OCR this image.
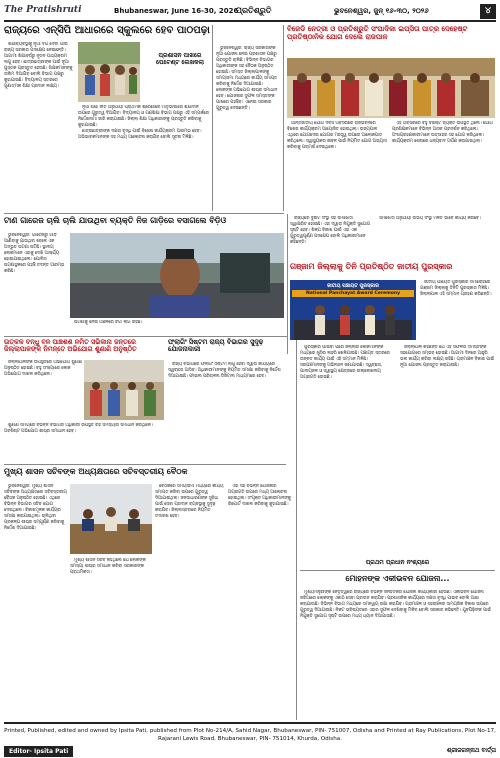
The Pratishruti	Bhubaneswar, June 16-30, 2026
ପ୍ରତିଶ୍ରୁତି	ଭୁବନେଶ୍ୱର, ଜୁନ୍ ୧୬-୩୦, ୨୦୨୬	୪
ରାଜ୍ୟରେ ଏନ୍‌ସିପି ଆଧାରରେ ସ୍କୁଲରେ ହେବ ପାଠପଢ଼ା

ଶିକ୍ଷାବ୍ୟବସ୍ଥାକୁ ନୂଆ ଦିଗ ଦେବା ପାଇଁ ରାଜ୍ୟ ସରକାର ପଦକ୍ଷେପ ନେଇଛନ୍ତି। ଆଗାମୀ ଶିକ୍ଷାବର୍ଷରୁ ନୂତନ ପାଠ୍ୟକ୍ରମ ଲାଗୁ ହେବ। ଛାତ୍ରଛାତ୍ରୀଙ୍କ ପାଇଁ ନୂଆ ପୁସ୍ତକ ପ୍ରସ୍ତୁତ ହେଉଛି। ଶିକ୍ଷକମାନଙ୍କୁ ତାଲିମ ଦିଆଯିବ ବୋଲି ବିଭାଗ ପକ୍ଷରୁ କୁହାଯାଇଛି। ବିଦ୍ୟାଳୟ ସ୍ତରରେ ଗୁଣାତ୍ମକ ଶିକ୍ଷା ପ୍ରଦାନ ଲକ୍ଷ୍ୟ।

ନୂଆ ଶିକ୍ଷା ନୀତି ଅନୁଯାୟୀ ପ୍ରାଥମିକ ଶ୍ରେଣୀରେ ମାତୃଭାଷାରେ ଶିକ୍ଷାଦାନ ଉପରେ ଗୁରୁତ୍ୱ ଦିଆଯିବ। ବିଦ୍ୟାଳୟ ଓ ଗଣଶିକ୍ଷା ବିଭାଗ ପକ୍ଷରୁ ଏହି ସମ୍ପର୍କରେ ନିର୍ଦ୍ଦେଶନାମା ଜାରି କରାଯାଇଛି। ଜିଲ୍ଲା ଶିକ୍ଷା ଅଧିକାରୀଙ୍କୁ ପ୍ରସ୍ତୁତି କରିବାକୁ କୁହାଯାଇଛି।

ଛାତ୍ରଛାତ୍ରୀଙ୍କ ଦକ୍ଷତା ବୃଦ୍ଧି ପାଇଁ ବିଶେଷ କାର୍ଯ୍ୟକ୍ରମ ଆରମ୍ଭ ହେବ। ଅଭିଭାବକମାନଙ୍କ ସହ ମଧ୍ୟ ଆଲୋଚନା କରାଯିବ ବୋଲି ସୂଚନା ମିଳିଛି।

ପ୍ରଶାସନ ପାଖରେ ପେଟେଣ୍ଟ ଲେଖକଲା

ଭୁବନେଶ୍ୱର: ରାଜ୍ୟ ସରକାରଙ୍କ ନୂଆ ଯୋଜନା ନେଇ ପ୍ରଶାସନ ପକ୍ଷରୁ ପ୍ରସ୍ତୁତି ଚାଲିଛି। ବିଭିନ୍ନ ବିଭାଗର ଅଧିକାରୀଙ୍କ ସହ ବୈଠକ ଅନୁଷ୍ଠିତ ହୋଇଛି। ସମସ୍ତ ଜିଲ୍ଲାପାଳଙ୍କୁ ସମୟସୀମା ମଧ୍ୟରେ କାର୍ଯ୍ୟ ସମାପ୍ତ କରିବାକୁ ନିର୍ଦ୍ଦେଶ ଦିଆଯାଇଛି। ଲୋକଙ୍କ ଅଭିଯୋଗ ଶୀଘ୍ର ସମାଧାନ ହେବ। ଯୋଜନାର ସୁଫଳ ସମସ୍ତଙ୍କ ପାଖରେ ପହଞ୍ଚିବ। ଏନେଇ ସରକାର ଗୁରୁତ୍ୱ ଦେଇଛନ୍ତି।

ବିଜେଡି ନେତ୍ରୀ ଓ ପ୍ରତିଶ୍ରୁତି ସଂପାଦିକା ଇପ୍‌ସିତା ପାତ୍ର ଦେହେଷ୍ଟ ପ୍ରତିଷ୍ଠାନିକ ଯୋଗ ଦେଲେ ରାଜପାଳ

ଆନ୍ତର୍ଜାତୀୟ ଯୋଗ ଦିବସ ଅବସରରେ ରାଜଭବନରେ ବିଶେଷ କାର୍ଯ୍ୟକ୍ରମ ଆୟୋଜିତ ହୋଇଥିଲା। ରାଜ୍ୟପାଳ ଏଥିରେ ଯୋଗଦେଇ ଯୋଗର ମହତ୍ତ୍ୱ ଉପରେ ଆଲୋକପାତ କରିଥିଲେ। ସ୍ୱାସ୍ଥ୍ୟକର ଜୀବନ ପାଇଁ ନିୟମିତ ଯୋଗ ଅଭ୍ୟାସ କରିବାକୁ ପରାମର୍ଶ ଦେଇଥିଲେ।

ଏହି ଅବସରରେ ବହୁ ବିଶିଷ୍ଟ ବ୍ୟକ୍ତି ଉପସ୍ଥିତ ଥିଲେ। ଯୋଗ ପ୍ରଶିକ୍ଷକମାନେ ବିଭିନ୍ନ ଆସନ ପ୍ରଦର୍ଶନ କରିଥିଲେ। ଅଂଶଗ୍ରହଣକାରୀମାନେ ଉତ୍ସାହର ସହ ଯୋଗ କରିଥିଲେ। କାର୍ଯ୍ୟକ୍ରମ ଶେଷରେ ଧନ୍ୟବାଦ ଅର୍ପଣ କରାଯାଇଥିଲା।

ଟାଣ ଗାରେଜ ଚାଲି ଚାଲି ଯାଉଥିବା ବ୍ୟକ୍ତି ନିଜ ଗାଡ଼ିରେ ବସାଗଲେ ବିଡ଼ିଓ

ଭୁବନେଶ୍ୱର: ଗାରେଜରୁ ଗାଡ଼ି ଆଣିବାକୁ ଯାଉଥିବା ବେଳେ ଏକ ଅଦ୍ଭୁତ ଘଟଣା ଘଟିଛି। ସ୍ଥାନୀୟ ଲୋକମାନେ ଏହାକୁ ଦେଖି ଆଶ୍ଚର୍ଯ୍ୟ ହୋଇଯାଇଥିଲେ। ପୋଲିସ ଘଟଣାସ୍ଥଳରେ ପହଞ୍ଚି ତଦନ୍ତ ଆରମ୍ଭ କରିଛି।

ଘଟଣାକୁ ନେଇ ଅଞ୍ଚଳରେ ଚର୍ଚ୍ଚା ଲାଗି ରହିଛି।

ରାଜ୍ୟରେ ଦୁଇଟି ସଂସ୍ଥା ସହ ସମଝୋତା ସ୍ୱାକ୍ଷରିତ ହୋଇଛି। ଏହା ଦ୍ୱାରା ନିଯୁକ୍ତି ସୁଯୋଗ ସୃଷ୍ଟି ହେବ। ଶିଳ୍ପ ବିକାଶ ପାଇଁ ଏହା ଏକ ଗୁରୁତ୍ୱପୂର୍ଣ୍ଣ ପଦକ୍ଷେପ ବୋଲି ଅଧିକାରୀମାନେ କହିଛନ୍ତି।

ସମଝୋତା ଅନୁଯାୟୀ ଉଭୟ ସଂସ୍ଥା ମିଳିତ ଭାବେ କାର୍ଯ୍ୟ କରିବେ।

ଗଞ୍ଜାମ ଜିଲ୍ଲାକୁ ତିନି ପ୍ରତିଷ୍ଠିତ ଜାତୀୟ ପୁରସ୍କାର
ଜାତୀୟ ପଞ୍ଚାୟତ ପୁରସ୍କାର
National Panchayat Award Ceremony

ଜାତୀୟ ପଞ୍ଚାୟତ ପୁରସ୍କାର ସମାରୋହରେ ଗଞ୍ଜାମ ଜିଲ୍ଲାକୁ ତିନିଟି ପୁରସ୍କାର ମିଳିଛି। ଜିଲ୍ଲାପାଳ ଏହି ସମ୍ମାନ ଗ୍ରହଣ କରିଛନ୍ତି।

ଉତ୍କଳ ବନ୍ଧୁ ବନ ପାଞ୍ଚଶଶ ନମିତ ସଭିକାନା ଜନ୍ତରେ ଜିଲ୍ଲାପାଳଙ୍କ ନିମନ୍ତେ ଅଭିଯୋଗ ଶୁଣାଣି ଅନୁଷ୍ଠିତ

ଜିଲ୍ଲାପାଳଙ୍କ ଉପସ୍ଥିତିରେ ଅଭିଯୋଗ ଶୁଣାଣି ଅନୁଷ୍ଠିତ ହୋଇଛି। ବହୁ ସଂଖ୍ୟାରେ ଲୋକ ଅଭିଯୋଗ ଦାଖଲ କରିଥିଲେ।

ଫ୍ଲାଗିଂ ସିଷ୍ଟମ ରାଜ୍ୟ ବିଭାଗର ସୁଦୃଢ଼ ଯୋଜନାକାରୀ

ରାଜ୍ୟ ବିଭାଗରେ ଫ୍ଲାଗିଂ ସିଷ୍ଟମ ଲାଗୁ ହେବା ଦ୍ୱାରା କାର୍ଯ୍ୟରେ ସ୍ୱଚ୍ଛତା ଆସିବ। ଅଧିକାରୀମାନଙ୍କୁ ନିୟମିତ ସମୀକ୍ଷା କରିବାକୁ ନିର୍ଦ୍ଦେଶ ଦିଆଯାଇଛି। ଫାଇଲ ପରିଚାଳନା ଡିଜିଟାଲ ମାଧ୍ୟମରେ ହେବ।

ଶୁଣାଣି ସମୟରେ ବିଭିନ୍ନ ବିଭାଗର ଅଧିକାରୀ ଉପସ୍ଥିତ ରହି ସମସ୍ୟାର ସମାଧାନ କରିଥିଲେ। ଅବଶିଷ୍ଟ ଅଭିଯୋଗ ଶୀଘ୍ର ସମାଧାନ ହେବ।

ମୁଖ୍ୟ ଶାସନ ସଚିବଙ୍କ ଅଧ୍ୟକ୍ଷତାରେ ସଚିବସ୍ତରୀୟ ବୈଠକ

ଭୁବନେଶ୍ୱର: ମୁଖ୍ୟ ଶାସନ ସଚିବଙ୍କ ଅଧ୍ୟକ୍ଷତାରେ ସଚିବସ୍ତରୀୟ ବୈଠକ ଅନୁଷ୍ଠିତ ହୋଇଛି। ଏଥିରେ ବିଭିନ୍ନ ବିଭାଗର ସଚିବ ଯୋଗ ଦେଇଥିଲେ। ବିକାଶମୂଳକ କାର୍ଯ୍ୟର ସମୀକ୍ଷା କରାଯାଇଥିଲା। ଚାଲିଥିବା ପ୍ରକଳ୍ପ ଶୀଘ୍ର ସମ୍ପୂର୍ଣ୍ଣ କରିବାକୁ ନିର୍ଦ୍ଦେଶ ଦିଆଯାଇଛି।

ବୈଠକରେ ସମୟସୀମା ମଧ୍ୟରେ କାର୍ଯ୍ୟ ସମାପ୍ତ କରିବା ଉପରେ ଗୁରୁତ୍ୱ ଦିଆଯାଇଥିଲା। ଜନସାଧାରଣଙ୍କ ସୁବିଧା ପାଇଁ ସେବା ପ୍ରଦାନ ବ୍ୟବସ୍ଥାକୁ ସୁଦୃଢ଼ କରାଯିବ। ଜିଲ୍ଲାସ୍ତରରେ ନିୟମିତ ତଦାରଖ ହେବ।

ଏହା ସହ ବିଭିନ୍ନ ଯୋଜନାର ଅଗ୍ରଗତି ଉପରେ ମଧ୍ୟ ଆଲୋଚନା ହୋଇଥିଲା। ସଂପୃକ୍ତ ଅଧିକାରୀମାନଙ୍କୁ ରିପୋର୍ଟ ଦାଖଲ କରିବାକୁ କୁହାଯାଇଛି।

ମୁଖ୍ୟ ଶାସନ ସଚିବ କହିଥିଲେ ଯେ ଲୋକଙ୍କ ସମସ୍ୟା ଶୀଘ୍ର ସମାଧାନ କରିବା ସରକାରଙ୍କ ପ୍ରାଥମିକତା।

ପୁରସ୍କାର ପାଇବା ପରେ ଜିଲ୍ଲାର ଲୋକମାନଙ୍କ ମଧ୍ୟରେ ଖୁସିର ଲହରି ଖେଳିଯାଇଛି। ପଞ୍ଚାୟତ ସ୍ତରରେ ଉନ୍ନତ କାର୍ଯ୍ୟ ପାଇଁ ଏହି ସମ୍ମାନ ମିଳିଛି। ସରପଞ୍ଚମାନଙ୍କୁ ଅଭିନନ୍ଦନ ଜଣାଯାଇଛି। ସ୍ୱଚ୍ଛତା, ପାନୀୟଜଳ ଓ ସ୍ୱାସ୍ଥ୍ୟ କ୍ଷେତ୍ରରେ ଉଲ୍ଲେଖନୀୟ ଅଗ୍ରଗତି ହୋଇଛି।

ଜିଲ୍ଲାପାଳ କହିଛନ୍ତି ଯେ ଏହି ସଫଳତା ସମସ୍ତଙ୍କ ସହଯୋଗରେ ସମ୍ଭବ ହୋଇଛି। ଆଗାମୀ ଦିନରେ ଆହୁରି ଭଲ କାର୍ଯ୍ୟ କରିବା ଲକ୍ଷ୍ୟ ରହିଛି। ଗ୍ରାମାଞ୍ଚଳ ବିକାଶ ପାଇଁ ନୂଆ ଯୋଜନା ପ୍ରସ୍ତୁତ କରାଯାଉଛି।

ପ୍ରଥମ ପ୍ରଧାନ ନଂଶ୍ୟରେ
ମୋହନଙ୍କ ଏକୀଭବନ ଯୋଜନା...

ମୁଖ୍ୟମନ୍ତ୍ରୀଙ୍କ ନେତୃତ୍ୱରେ ରାଜ୍ୟରେ ବିଭିନ୍ନ ଜନହିତକର ଯୋଜନା କାର୍ଯ୍ୟକାରୀ ହେଉଛି। ଏକୀଭବନ ଯୋଜନା ଜରିଆରେ ଲୋକଙ୍କୁ ଏକାଠି ସେବା ପ୍ରଦାନ କରାଯିବ। ପ୍ରଶାସନିକ କାର୍ଯ୍ୟରେ ଦକ୍ଷତା ବୃଦ୍ଧି ପାଇବ ବୋଲି ଆଶା କରାଯାଉଛି। ବିଭିନ୍ନ ବିଭାଗ ମଧ୍ୟରେ ସମନ୍ୱୟ ରକ୍ଷା କରାଯିବ। ଗ୍ରାମାଞ୍ଚଳ ଓ ସହରାଞ୍ଚଳର ସାମଗ୍ରିକ ବିକାଶ ଉପରେ ଗୁରୁତ୍ୱ ଦିଆଯାଉଛି। ନିକଟ ଭବିଷ୍ୟତରେ ଏହାର ସୁଫଳ ଦେଖିବାକୁ ମିଳିବ ବୋଲି ସରକାର କହିଛନ୍ତି। ଯୁବପିଢ଼ିଙ୍କ ପାଇଁ ନିଯୁକ୍ତି ସୁଯୋଗ ସୃଷ୍ଟି ଉପରେ ମଧ୍ୟ ଧ୍ୟାନ ଦିଆଯାଉଛି।

Printed, Published, edited and owned by Ipsita Pati, published from Plot No-214/A, Sahid Nagar, Bhubaneswar, PIN- 751007, Odisha and Printed at Ray Publications, Plot No-17, Rajarani Lewis Road, Bhubaneswar, PIN- 751014, Khurda, Odisha.
Editor- Ipsita Pati	ଶ୍ରୀଜଗନ୍ନାଥ ବାର୍ତ୍ତା
